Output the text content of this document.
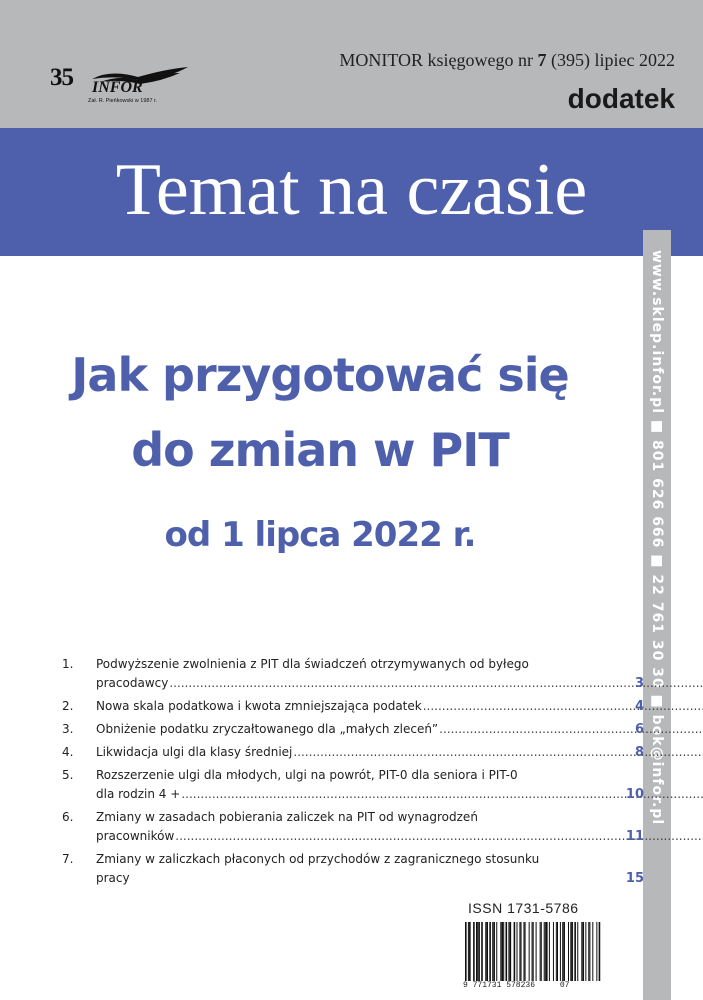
35 INFOR
Zał. R. Pieńkowski w 1987 r.
MONITOR księgowego nr 7 (395) lipiec 2022
dodatek
Temat na czasie
Jak przygotować się
do zmian w PIT
od 1 lipca 2022 r.	www.sklep.infor.pl ■ 801 626 666 ■ 22 761 30 30 ■ bok@infor.pl
1.	Podwyższenie zwolnienia z PIT dla świadczeń otrzymywanych od byłego
pracodawcy .....	3
2.	Nowa skala podatkowa i kwota zmniejszająca podatek .....	4
3.	Obniżenie podatku zryczałtowanego dla „małych zleceń” .....	6
4.	Likwidacja ulgi dla klasy średniej .....	8
5.	Rozszerzenie ulgi dla młodych, ulgi na powrót, PIT-0 dla seniora i PIT-0
dla rodzin 4 + .....	10
6.	Zmiany w zasadach pobierania zaliczek na PIT od wynagrodzeń
pracowników .....	11
7.	Zmiany w zaliczkach płaconych od przychodów z zagranicznego stosunku
pracy	15
ISSN 1731-5786
9 771731 578236	07
